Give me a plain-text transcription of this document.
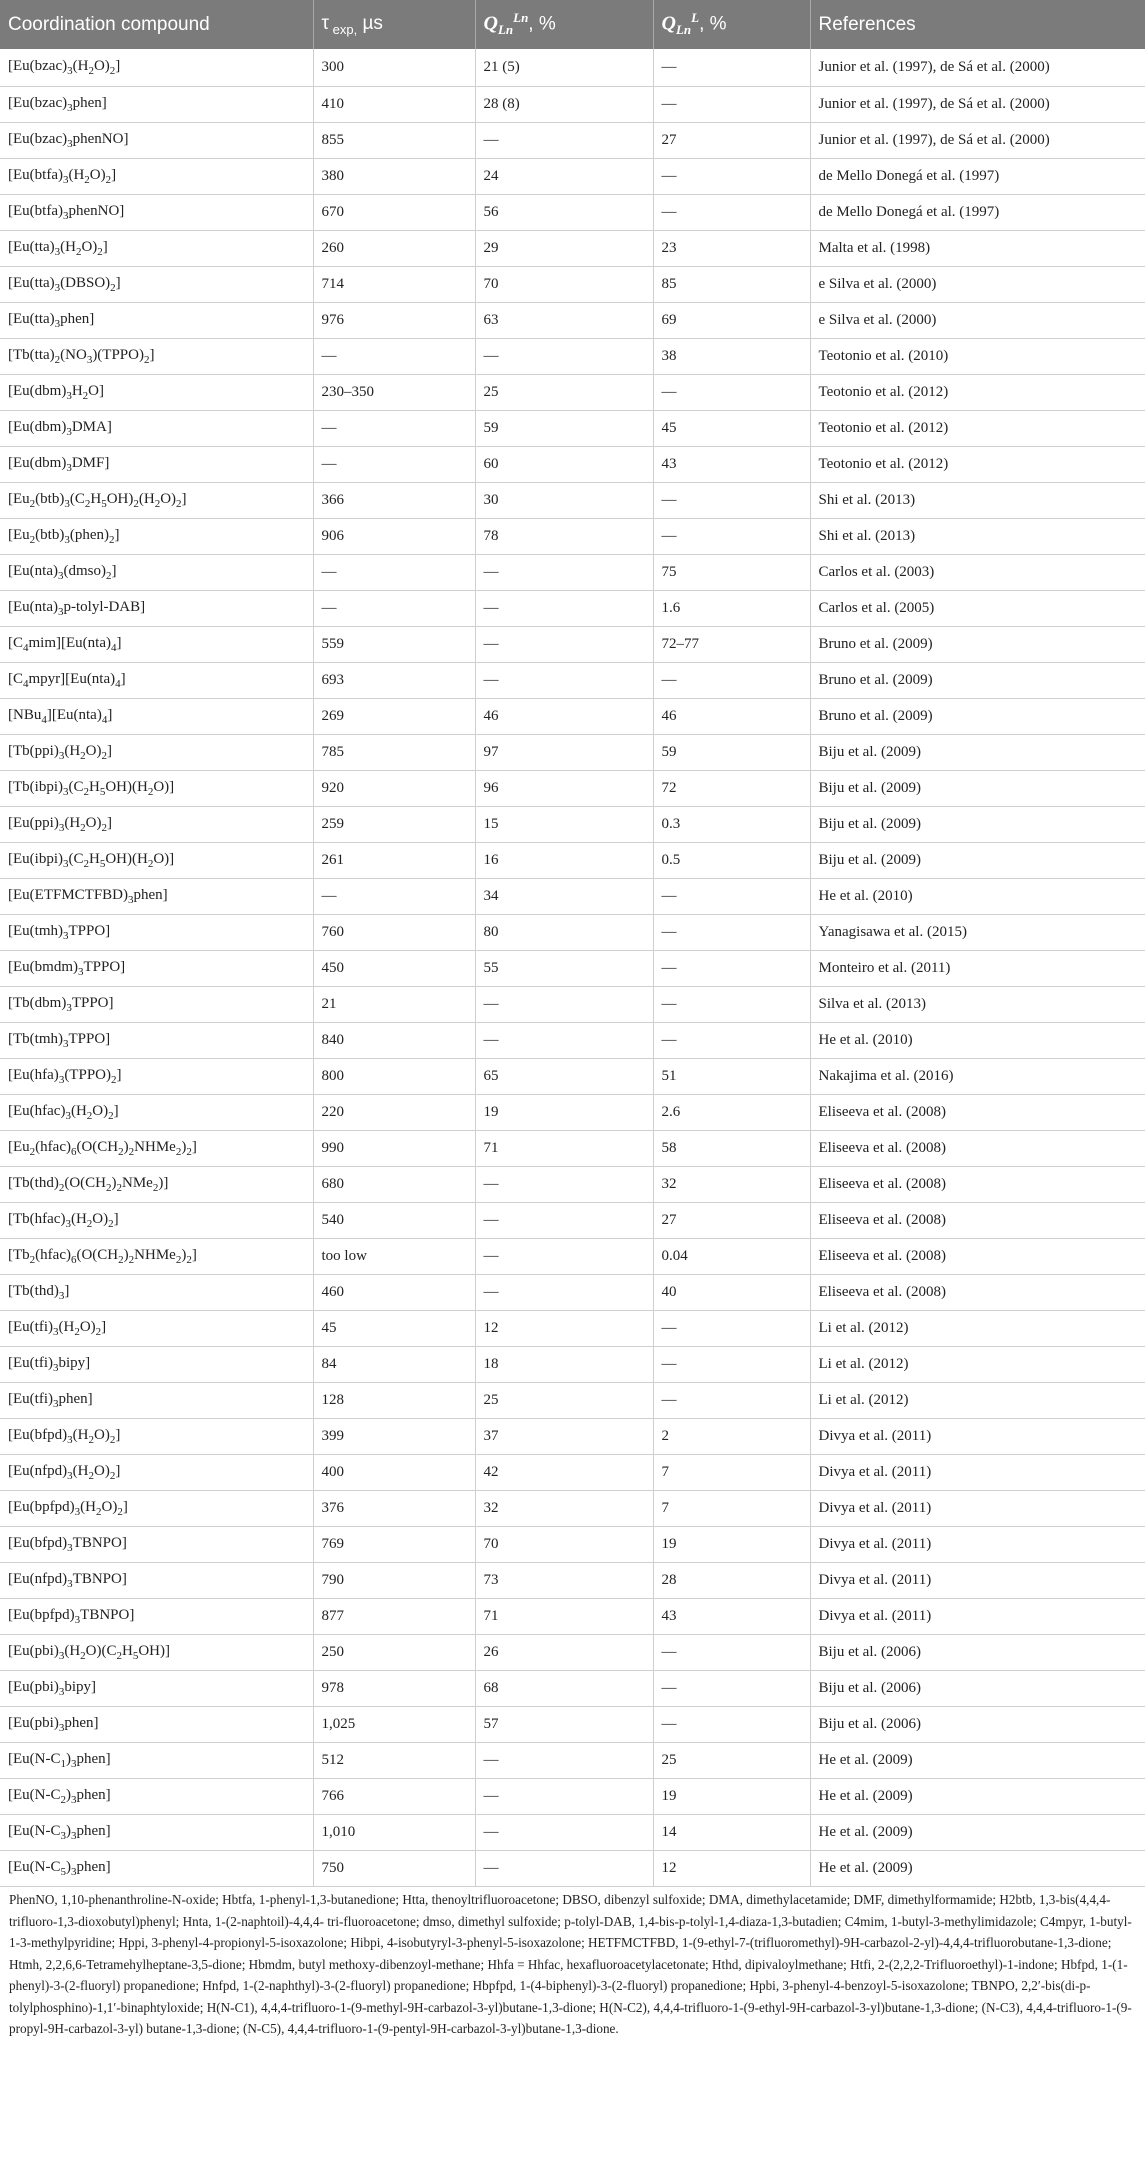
Coordination compound	τ $_{exp,}$ µs	$Q_{Ln}^{Ln}$, %	$Q_{Ln}^L$, %	References
$[Eu(bzac)_3(H_2O)_2]$	300	21 (5)	—	Junior et al. (1997), de Sá et al. (2000)
$[Eu(bzac)_3phen]$	410	28 (8)	—	Junior et al. (1997), de Sá et al. (2000)
$[Eu(bzac)_3phenNO]$	855	—	27	Junior et al. (1997), de Sá et al. (2000)
$[Eu(btfa)_3(H_2O)_2]$	380	24	—	de Mello Donegá et al. (1997)
$[Eu(btfa)_3phenNO]$	670	56	—	de Mello Donegá et al. (1997)
$[Eu(tta)_3(H_2O)_2]$	260	29	23	Malta et al. (1998)
$[Eu(tta)_3(DBSO)_2]$	714	70	85	e Silva et al. (2000)
$[Eu(tta)_3phen]$	976	63	69	e Silva et al. (2000)
$[Tb(tta)_2(NO_3)(TPPO)_2]$	—	—	38	Teotonio et al. (2010)
$[Eu(dbm)_3H_2O]$	230–350	25	—	Teotonio et al. (2012)
$[Eu(dbm)_3DMA]$	—	59	45	Teotonio et al. (2012)
$[Eu(dbm)_3DMF]$	—	60	43	Teotonio et al. (2012)
$[Eu_2(btb)_3(C_2H_5OH)_2(H_2O)_2]$	366	30	—	Shi et al. (2013)
$[Eu_2(btb)_3(phen)_2]$	906	78	—	Shi et al. (2013)
$[Eu(nta)_3(dmso)_2]$	—	—	75	Carlos et al. (2003)
$[Eu(nta)_3p-tolyl-DAB]$	—	—	1.6	Carlos et al. (2005)
$[C_4mim][Eu(nta)_4]$	559	—	72–77	Bruno et al. (2009)
$[C_4mpyr][Eu(nta)_4]$	693	—	—	Bruno et al. (2009)
$[NBu_4][Eu(nta)_4]$	269	46	46	Bruno et al. (2009)
$[Tb(ppi)_3(H_2O)_2]$	785	97	59	Biju et al. (2009)
$[Tb(ibpi)_3(C_2H_5OH)(H_2O)]$	920	96	72	Biju et al. (2009)
$[Eu(ppi)_3(H_2O)_2]$	259	15	0.3	Biju et al. (2009)
$[Eu(ibpi)_3(C_2H_5OH)(H_2O)]$	261	16	0.5	Biju et al. (2009)
$[Eu(ETFMCTFBD)_3phen]$	—	34	—	He et al. (2010)
$[Eu(tmh)_3TPPO]$	760	80	—	Yanagisawa et al. (2015)
$[Eu(bmdm)_3TPPO]$	450	55	—	Monteiro et al. (2011)
$[Tb(dbm)_3TPPO]$	21	—	—	Silva et al. (2013)
$[Tb(tmh)_3TPPO]$	840	—	—	He et al. (2010)
$[Eu(hfa)_3(TPPO)_2]$	800	65	51	Nakajima et al. (2016)
$[Eu(hfac)_3(H_2O)_2]$	220	19	2.6	Eliseeva et al. (2008)
$[Eu_2(hfac)_6(O(CH_2)_2NHMe_2)_2]$	990	71	58	Eliseeva et al. (2008)
$[Tb(thd)_2(O(CH_2)_2NMe_2)]$	680	—	32	Eliseeva et al. (2008)
$[Tb(hfac)_3(H_2O)_2]$	540	—	27	Eliseeva et al. (2008)
$[Tb_2(hfac)_6(O(CH_2)_2NHMe_2)_2]$	too low	—	0.04	Eliseeva et al. (2008)
$[Tb(thd)_3]$	460	—	40	Eliseeva et al. (2008)
$[Eu(tfi)_3(H_2O)_2]$	45	12	—	Li et al. (2012)
$[Eu(tfi)_3bipy]$	84	18	—	Li et al. (2012)
$[Eu(tfi)_3phen]$	128	25	—	Li et al. (2012)
$[Eu(bfpd)_3(H_2O)_2]$	399	37	2	Divya et al. (2011)
$[Eu(nfpd)_3(H_2O)_2]$	400	42	7	Divya et al. (2011)
$[Eu(bpfpd)_3(H_2O)_2]$	376	32	7	Divya et al. (2011)
$[Eu(bfpd)_3TBNPO]$	769	70	19	Divya et al. (2011)
$[Eu(nfpd)_3TBNPO]$	790	73	28	Divya et al. (2011)
$[Eu(bpfpd)_3TBNPO]$	877	71	43	Divya et al. (2011)
$[Eu(pbi)_3(H_2O)(C_2H_5OH)]$	250	26	—	Biju et al. (2006)
$[Eu(pbi)_3bipy]$	978	68	—	Biju et al. (2006)
$[Eu(pbi)_3phen]$	1,025	57	—	Biju et al. (2006)
$[Eu(N-C_1)_3phen]$	512	—	25	He et al. (2009)
$[Eu(N-C_2)_3phen]$	766	—	19	He et al. (2009)
$[Eu(N-C_3)_3phen]$	1,010	—	14	He et al. (2009)
$[Eu(N-C_5)_3phen]$	750	—	12	He et al. (2009)
PhenNO, 1,10-phenanthroline-N-oxide; Hbtfa, 1-phenyl-1,3-butanedione; Htta, thenoyltrifluoroacetone; DBSO, dibenzyl sulfoxide; DMA, dimethylacetamide; DMF, dimethylformamide; H2btb, 1,3-bis(4,4,4-trifluoro-1,3-dioxobutyl)phenyl; Hnta, 1-(2-naphtoil)-4,4,4- tri-fluoroacetone; dmso, dimethyl sulfoxide; p-tolyl-DAB, 1,4-bis-p-tolyl-1,4-diaza-1,3-butadien; C4mim, 1-butyl-3-methylimidazole; C4mpyr, 1-butyl-1-3-methylpyridine; Hppi, 3-phenyl-4-propionyl-5-isoxazolone; Hibpi, 4-isobutyryl-3-phenyl-5-isoxazolone; HETFMCTFBD, 1-(9-ethyl-7-(trifluoromethyl)-9H-carbazol-2-yl)-4,4,4-trifluorobutane-1,3-dione; Htmh, 2,2,6,6-Tetramehylheptane-3,5-dione; Hbmdm, butyl methoxy-dibenzoyl-methane; Hhfa = Hhfac, hexafluoroacetylacetonate; Hthd, dipivaloylmethane; Htfi, 2-(2,2,2-Trifluoroethyl)-1-indone; Hbfpd, 1-(1-phenyl)-3-(2-fluoryl) propanedione; Hnfpd, 1-(2-naphthyl)-3-(2-fluoryl) propanedione; Hbpfpd, 1-(4-biphenyl)-3-(2-fluoryl) propanedione; Hpbi, 3-phenyl-4-benzoyl-5-isoxazolone; TBNPO, 2,2′-bis(di-p-tolylphosphino)-1,1′-binaphtyloxide; H(N-C1), 4,4,4-trifluoro-1-(9-methyl-9H-carbazol-3-yl)butane-1,3-dione; H(N-C2), 4,4,4-trifluoro-1-(9-ethyl-9H-carbazol-3-yl)butane-1,3-dione; (N-C3), 4,4,4-trifluoro-1-(9-propyl-9H-carbazol-3-yl) butane-1,3-dione; (N-C5), 4,4,4-trifluoro-1-(9-pentyl-9H-carbazol-3-yl)butane-1,3-dione.
